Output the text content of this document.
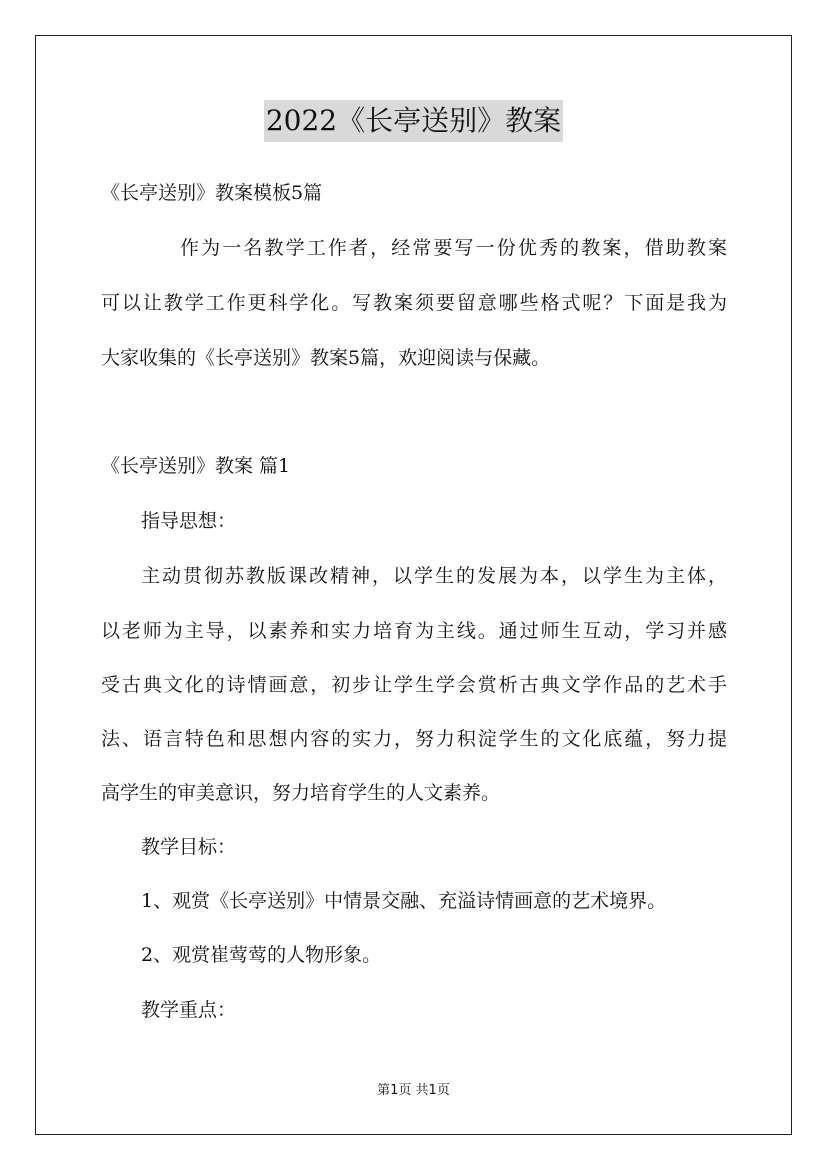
2022《长亭送别》教案
《长亭送别》教案模板5篇
作为一名教学工作者，经常要写一份优秀的教案，借助教案
可以让教学工作更科学化。写教案须要留意哪些格式呢？下面是我为
大家收集的《长亭送别》教案5篇，欢迎阅读与保藏。
《长亭送别》教案 篇1
指导思想：
主动贯彻苏教版课改精神，以学生的发展为本，以学生为主体，
以老师为主导，以素养和实力培育为主线。通过师生互动，学习并感
受古典文化的诗情画意，初步让学生学会赏析古典文学作品的艺术手
法、语言特色和思想内容的实力，努力积淀学生的文化底蕴，努力提
高学生的审美意识，努力培育学生的人文素养。
教学目标：
1、观赏《长亭送别》中情景交融、充溢诗情画意的艺术境界。
2、观赏崔莺莺的人物形象。
教学重点：
第1页 共1页
